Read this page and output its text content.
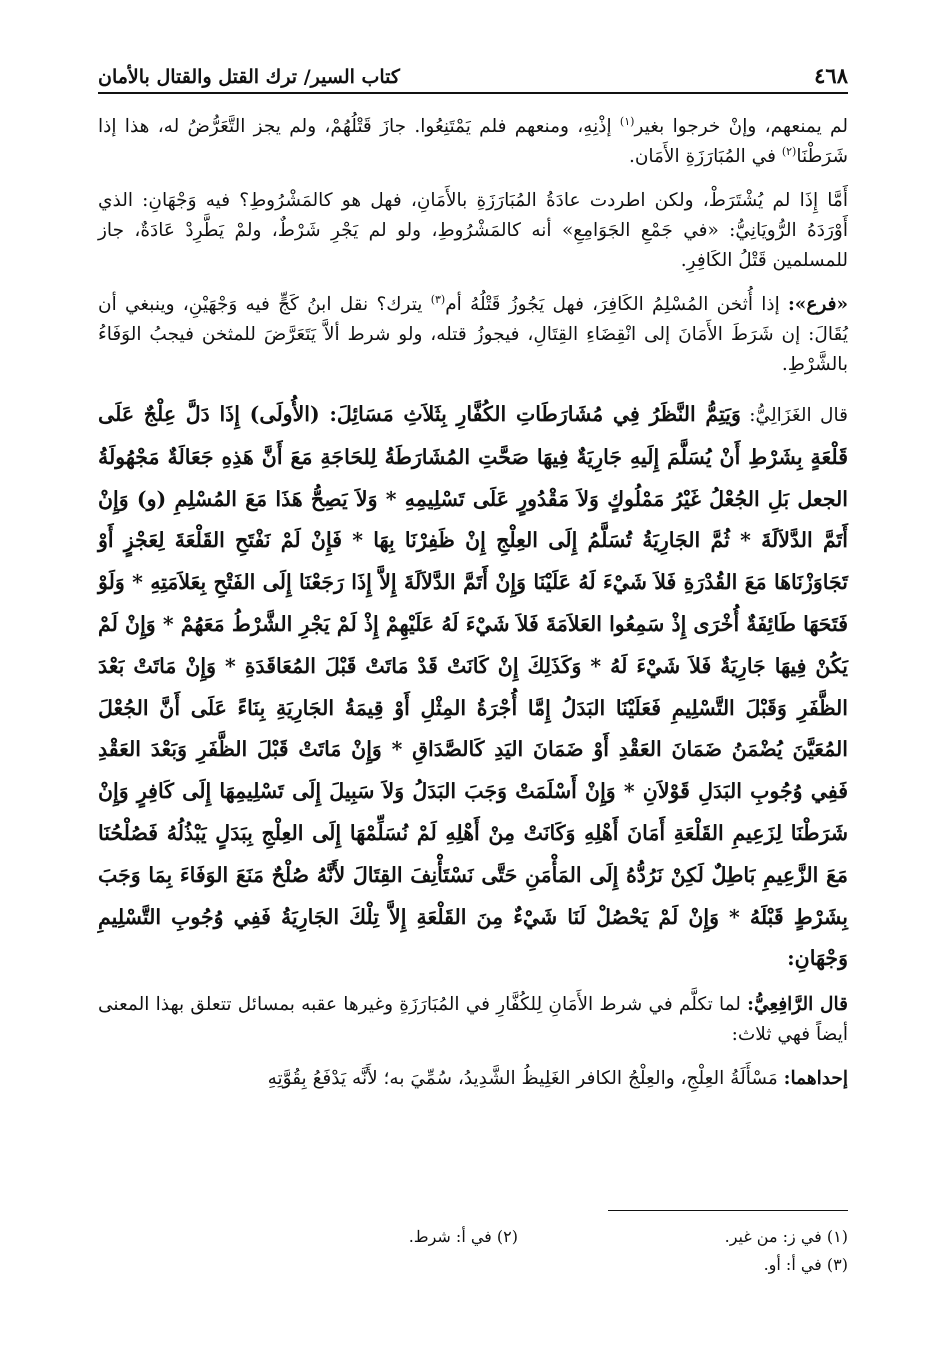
٤٦٨
كتاب السير/ ترك القتل والقتال بالأمان

لم يمنعهم، وإنْ خرجوا بغير$^{(١)}$ إذْنِهِ، ومنعهم فلم يَمْتَنِعُوا. جازَ قَتْلُهُمْ، ولم يجز التَّعَرُّضُ له، هذا إذا شَرَطْنَا$^{(٢)}$ في المُبَارَزَةِ الأَمَان.

أَمَّا إِذَا لم يُشْتَرَطْ، ولكن اطردت عادَةُ المُبَارَزَةِ بالأَمَانِ، فهل هو كالمَشْرُوطِ؟ فيه وَجْهَانِ: الذي أَوْرَدَهُ الرُّويَانِيُّ: «في جَمْعِ الجَوَامِعِ» أنه كالمَشْرُوطِ، ولو لم يَجْرِ شَرْطٌ، ولمْ يَطَّرِدْ عَادَةٌ، جاز للمسلمين قَتْلُ الكَافِرِ.

«فرع»: إذا أُثخن المُسْلِمُ الكَافِرَ، فهل يَجُوزُ قَتْلُهُ أم$^{(٣)}$ يترك؟ نقل ابنُ كَجٍّ فيه وَجْهَيْنِ، وينبغي أن يُقَالَ: إن شَرَطَ الأَمَانَ إلى انْقِضَاءِ القِتَالِ، فيجوزُ قتله، ولو شرط ألاَّ يَتَعَرَّضَ للمثخن فيجبُ الوَفَاءُ بالشَّرْطِ.

قال الغَزَالِيُّ: وَيَتِمُّ النَّظَرُ فِي مُشَارَطَاتِ الكُفَّارِ بِثَلاَثِ مَسَائِلَ: (الأُولَى) إِذَا دَلَّ عِلْجٌ عَلَى قَلْعَةٍ بِشَرْطِ أَنْ يُسَلَّمَ إِلَيهِ جَارِيَةٌ فِيهَا صَحَّتِ المُشَارَطَةُ لِلحَاجَةِ مَعَ أَنَّ هَذِهِ جَعَالَةٌ مَجْهُولَةُ الجعل بَلِ الجُعْلُ غَيْرُ مَمْلُوكٍ وَلاَ مَقْدُورٍ عَلَى تَسْلِيمِهِ * وَلاَ يَصِحُّ هَذَا مَعَ المُسْلِمِ (و) وَإِنْ أَتَمَّ الدَّلاَلَةَ * ثُمَّ الجَارِيَةُ تُسَلَّمُ إِلَى العِلْجِ إِنْ ظَفِرْنَا بِهَا * فَإِنْ لَمْ نَفْتَحِ القَلْعَةَ لِعَجْزٍ أَوْ تَجَاوَزْنَاهَا مَعَ القُدْرَةِ فَلاَ شَيْءَ لَهُ عَلَيْنَا وَإِنْ أَتَمَّ الدَّلاَلَةَ إِلاَّ إِذَا رَجَعْنَا إِلَى الفَتْحِ بِعَلاَمَتِهِ * وَلَوْ فَتَحَهَا طَائِفَةٌ أُخْرَى إِذْ سَمِعُوا العَلاَمَةَ فَلاَ شَيْءَ لَهُ عَلَيْهِمْ إِذْ لَمْ يَجْرِ الشَّرْطُ مَعَهُمْ * وَإِنْ لَمْ يَكُنْ فِيهَا جَارِيَةٌ فَلاَ شَيْءَ لَهُ * وَكَذَلِكَ إِنْ كَانَتْ قَدْ مَاتَتْ قَبْلَ المُعَاقَدَةِ * وَإِنْ مَاتَتْ بَعْدَ الظَّفَرِ وَقَبْلَ التَّسْلِيمِ فَعَلَيْنَا البَدَلُ إِمَّا أُجْرَةُ المِثْلِ أَوْ قِيمَةُ الجَارِيَةِ بِنَاءً عَلَى أَنَّ الجُعْلَ المُعَيَّنَ يُضْمَنُ ضَمَانَ العَقْدِ أَوْ ضَمَانَ اليَدِ كَالصَّدَاقِ * وَإِنْ مَاتَتْ قَبْلَ الظَّفَرِ وَبَعْدَ العَقْدِ فَفِي وُجُوبِ البَدَلِ قَوْلاَنِ * وَإِنْ أَسْلَمَتْ وَجَبَ البَدَلُ وَلاَ سَبِيلَ إِلَى تَسْلِيمِهَا إِلَى كَافِرٍ وَإِنْ شَرَطْنَا لِزَعِيمِ القَلْعَةِ أَمَانَ أَهْلِهِ وَكَانَتْ مِنْ أَهْلِهِ لَمْ نُسَلِّمْهَا إِلَى العِلْجِ بِبَدَلٍ يَبْذُلُهُ فَصُلْحُنَا مَعَ الزَّعِيمِ بَاطِلٌ لَكِنْ نَرُدُّهُ إِلَى المَأْمَنِ حَتَّى نَسْتَأْنِفَ القِتَالَ لأَنَّهُ صُلْحٌ مَنَعَ الوَفَاءَ بِمَا وَجَبَ بِشَرْطٍ قَبْلَهُ * وَإِنْ لَمْ يَحْصُلْ لَنَا شَيْءٌ مِنَ القَلْعَةِ إِلاَّ تِلْكَ الجَارِيَةُ فَفِي وُجُوبِ التَّسْلِيمِ وَجْهَانِ:

قال الرَّافِعِيُّ: لما تكلَّم في شرط الأَمَانِ لِلكُفَّارِ في المُبَارَزَةِ وغيرها عقبه بمسائل تتعلق بهذا المعنى أيضاً فهي ثلاث:

إحداهما: مَسْأَلَةُ العِلْجِ، والعِلْجُ الكافر الغَلِيظُ الشَّدِيدُ، سُمِّيَ به؛ لأَنَّه يَدْفَعُ بِقُوَّتِهِ

(١) في ز: من غير.
(٢) في أ: شرط.
(٣) في أ: أو.
